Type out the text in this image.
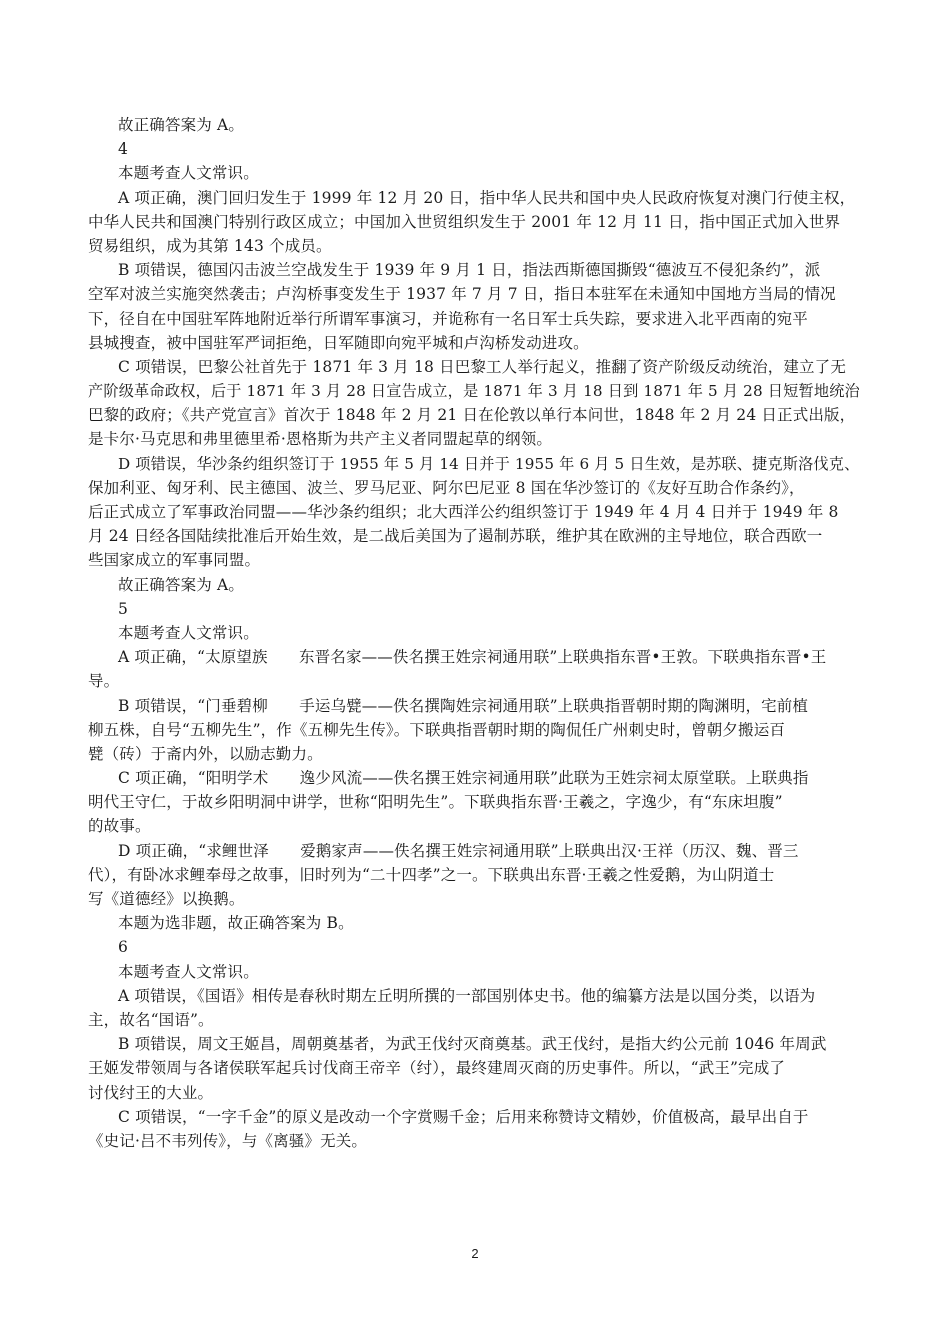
故正确答案为 A。
4
本题考查人文常识。
A 项正确，澳门回归发生于 1999 年 12 月 20 日，指中华人民共和国中央人民政府恢复对澳门行使主权，
中华人民共和国澳门特别行政区成立；中国加入世贸组织发生于 2001 年 12 月 11 日，指中国正式加入世界
贸易组织，成为其第 143 个成员。
B 项错误，德国闪击波兰空战发生于 1939 年 9 月 1 日，指法西斯德国撕毁“德波互不侵犯条约”，派
空军对波兰实施突然袭击；卢沟桥事变发生于 1937 年 7 月 7 日，指日本驻军在未通知中国地方当局的情况
下，径自在中国驻军阵地附近举行所谓军事演习，并诡称有一名日军士兵失踪，要求进入北平西南的宛平
县城搜查，被中国驻军严词拒绝，日军随即向宛平城和卢沟桥发动进攻。
C 项错误，巴黎公社首先于 1871 年 3 月 18 日巴黎工人举行起义，推翻了资产阶级反动统治，建立了无
产阶级革命政权，后于 1871 年 3 月 28 日宣告成立，是 1871 年 3 月 18 日到 1871 年 5 月 28 日短暂地统治
巴黎的政府；《共产党宣言》首次于 1848 年 2 月 21 日在伦敦以单行本问世，1848 年 2 月 24 日正式出版，
是卡尔·马克思和弗里德里希·恩格斯为共产主义者同盟起草的纲领。
D 项错误，华沙条约组织签订于 1955 年 5 月 14 日并于 1955 年 6 月 5 日生效，是苏联、捷克斯洛伐克、
保加利亚、匈牙利、民主德国、波兰、罗马尼亚、阿尔巴尼亚 8 国在华沙签订的《友好互助合作条约》，
后正式成立了军事政治同盟——华沙条约组织；北大西洋公约组织签订于 1949 年 4 月 4 日并于 1949 年 8
月 24 日经各国陆续批准后开始生效，是二战后美国为了遏制苏联，维护其在欧洲的主导地位，联合西欧一
些国家成立的军事同盟。
故正确答案为 A。
5
本题考查人文常识。
A 项正确，“太原望族　　东晋名家——佚名撰王姓宗祠通用联”上联典指东晋•王敦。下联典指东晋•王
导。
B 项错误，“门垂碧柳　　手运乌甓——佚名撰陶姓宗祠通用联”上联典指晋朝时期的陶渊明，宅前植
柳五株，自号“五柳先生”，作《五柳先生传》。下联典指晋朝时期的陶侃任广州刺史时，曾朝夕搬运百
甓（砖）于斋内外，以励志勤力。
C 项正确，“阳明学术　　逸少风流——佚名撰王姓宗祠通用联”此联为王姓宗祠太原堂联。上联典指
明代王守仁，于故乡阳明洞中讲学，世称“阳明先生”。下联典指东晋·王羲之，字逸少，有“东床坦腹”
的故事。
D 项正确，“求鲤世泽　　爱鹅家声——佚名撰王姓宗祠通用联”上联典出汉·王祥（历汉、魏、晋三
代），有卧冰求鲤奉母之故事，旧时列为“二十四孝”之一。下联典出东晋·王羲之性爱鹅，为山阴道士
写《道德经》以换鹅。
本题为选非题，故正确答案为 B。
6
本题考查人文常识。
A 项错误，《国语》相传是春秋时期左丘明所撰的一部国别体史书。他的编纂方法是以国分类，以语为
主，故名“国语”。
B 项错误，周文王姬昌，周朝奠基者，为武王伐纣灭商奠基。武王伐纣，是指大约公元前 1046 年周武
王姬发带领周与各诸侯联军起兵讨伐商王帝辛（纣），最终建周灭商的历史事件。所以，“武王”完成了
讨伐纣王的大业。
C 项错误，“一字千金”的原义是改动一个字赏赐千金；后用来称赞诗文精妙，价值极高，最早出自于
《史记·吕不韦列传》，与《离骚》无关。
2
